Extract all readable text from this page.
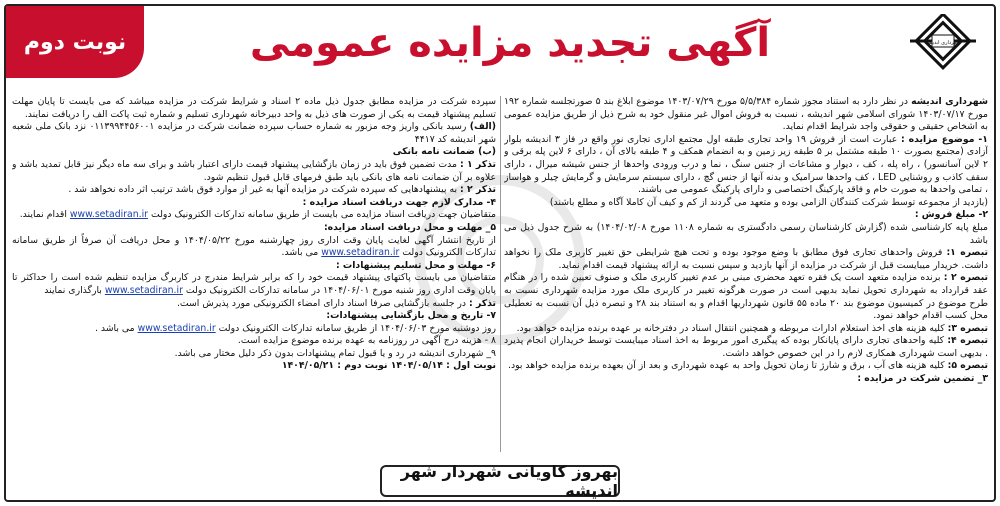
نوبت دوم	شهرداری اندیشه
آگهی تجدید مزایده عمومی

شهرداری اندیشه در نظر دارد به استناد مجوز شماره ۵/۵/۳۸۴ مورخ ۱۴۰۳/۰۷/۲۹ موضوع ابلاغ بند ۵ صورتجلسه شماره ۱۹۲ مورخ ۱۴۰۳/۰۷/۱۷ شورای اسلامی شهر اندیشه ، نسبت به فروش اموال غیر منقول خود به شرح ذیل از طریق مزایده عمومی به اشخاص حقیقی و حقوقی واجد شرایط اقدام نماید.

۱- موضوع مزایده : عبارت است از فروش ۱۹ واحد تجاری طبقه اول مجتمع اداری تجاری نور واقع در فاز ۳ اندیشه بلوار آزادی (مجتمع بصورت ۱۰ طبقه مشتمل بر ۵ طبقه زیر زمین و به انضمام همکف و ۴ طبقه بالای آن ، دارای ۶ لاین پله برقی و ۲ لاین آسانسور) ، راه پله ، کف ، دیوار و مشاعات از جنس سنگ ، نما و درب ورودی واحدها از جنس شیشه میرال ، دارای سقف کاذب و روشنایی LED ، کف واحدها سرامیک و بدنه آنها از جنس گچ ، دارای سیستم سرمایش و گرمایش چیلر و هواساز ، تمامی واحدها به صورت خام و فاقد پارکینگ اختصاصی و دارای پارکینگ عمومی می باشند.

(بازدید از مجموعه توسط شرکت کنندگان الزامی بوده و متعهد می گردند از کم و کیف آن کاملا آگاه و مطلع باشند)

۲- مبلغ فروش :

مبلغ پایه کارشناسی شده (گزارش کارشناسان رسمی دادگستری به شماره ۱۱۰۸ مورخ ۱۴۰۴/۰۲/۰۸) به شرح جدول ذیل می باشد

تبصره ۱: فروش واحدهای تجاری فوق مطابق با وضع موجود بوده و تحت هیچ شرایطی حق تغییر کاربری ملک را نخواهد داشت. خریدار میبایست قبل از شرکت در مزایده از آنها بازدید و سپس نسبت به ارائه پیشنهاد قیمت اقدام نماید.

تبصره ۲ : برنده مزایده متعهد است یک فقره تعهد محضری مبنی بر عدم تغییر کاربری ملک و صنوف تعیین شده را در هنگام عقد قرارداد به شهرداری تحویل نماید بدیهی است در صورت هرگونه تغییر در کاربری ملک مورد مزایده شهرداری نسبت به طرح موضوع در کمیسیون موضوع بند ۲۰ ماده ۵۵ قانون شهرداریها اقدام و به استناد بند ۲۸ و تبصره ذیل آن نسبت به تعطیلی محل کسب اقدام خواهد نمود.

تبصره ۳: کلیه هزینه های اخذ استعلام ادارات مربوطه و همچنین انتقال اسناد در دفترخانه بر عهده برنده مزایده خواهد بود.

تبصره ۴: کلیه واحدهای تجاری دارای پایانکار بوده که پیگیری امور مربوط به اخذ اسناد میبایست توسط خریداران انجام پذیرد . بدیهی است شهرداری همکاری لازم را در این خصوص خواهد داشت.

تبصره ۵: کلیه هزینه های آب ، برق و شارژ تا زمان تحویل واحد به عهده شهرداری و بعد از آن بعهده برنده مزایده خواهد بود.

۳_ تضمین شرکت در مزایده :

سپرده شرکت در مزایده مطابق جدول ذیل ماده ۲ اسناد و شرایط شرکت در مزایده میباشد که می بایست تا پایان مهلت تسلیم پیشنهاد قیمت به یکی از صورت های ذیل به واحد دبیرخانه شهرداری تسلیم و شماره ثبت پاکت الف را دریافت نمایند.

(الف) رسید بانکی واریز وجه مزبور به شماره حساب سپرده ضمانت شرکت در مزایده ۰۱۱۳۹۹۴۴۵۶۰۰۱ نزد بانک ملی شعبه شهر اندیشه کد ۴۴۱۷

(ب) ضمانت نامه بانکی

تذکر ۱ : مدت تضمین فوق باید در زمان بازگشایی پیشنهاد قیمت دارای اعتبار باشد و برای سه ماه دیگر نیز قابل تمدید باشد و علاوه بر آن ضمانت نامه های بانکی باید طبق فرمهای قابل قبول تنظیم شود.

تذکر ۲ : به پیشنهادهایی که سپرده شرکت در مزایده آنها به غیر از موارد فوق باشد ترتیب اثر داده نخواهد شد .

۴- مدارک لازم جهت دریافت اسناد مزایده :

متقاضیان جهت دریافت اسناد مزایده می بایست از طریق سامانه تدارکات الکترونیک دولت www.setadiran.ir اقدام نمایند.

۵_ مهلت و محل دریافت اسناد مزایده:

از تاریخ انتشار آگهی لغایت پایان وقت اداری روز چهارشنبه مورخ ۱۴۰۴/۰۵/۲۲ و محل دریافت آن صرفاً از طریق سامانه تدارکات الکترونیک دولت www.setadiran.ir می باشد.

۶- مهلت و محل تسلیم پیشنهادات :

متقاضیان می بایست پاکتهای پیشنهاد قیمت خود را که برابر شرایط مندرج در کاربرگ مزایده تنظیم شده است را حداکثر تا پایان وقت اداری روز شنبه مورخ ۱۴۰۴/۰۶/۰۱ در سامانه تدارکات الکترونیک دولت www.setadiran.ir بارگذاری نمایند

تذکر : در جلسه بازگشایی صرفا اسناد دارای امضاء الکترونیکی مورد پذیرش است.

۷- تاریخ و محل بازگشایی پیشنهادات:

روز دوشنبه مورخ ۱۴۰۴/۰۶/۰۳ از طریق سامانه تدارکات الکترونیک دولت www.setadiran.ir می باشد .

۸ - هزینه درج آگهی در روزنامه به عهده برنده موضوع مزایده است.

۹_ شهرداری اندیشه در رد و یا قبول تمام پیشنهادات بدون ذکر دلیل مختار می باشد.

نوبت اول : ۱۴۰۴/۰۵/۱۴ نوبت دوم : ۱۴۰۴/۰۵/۲۱

بهروز کاویانی شهردار شهر اندیشه
